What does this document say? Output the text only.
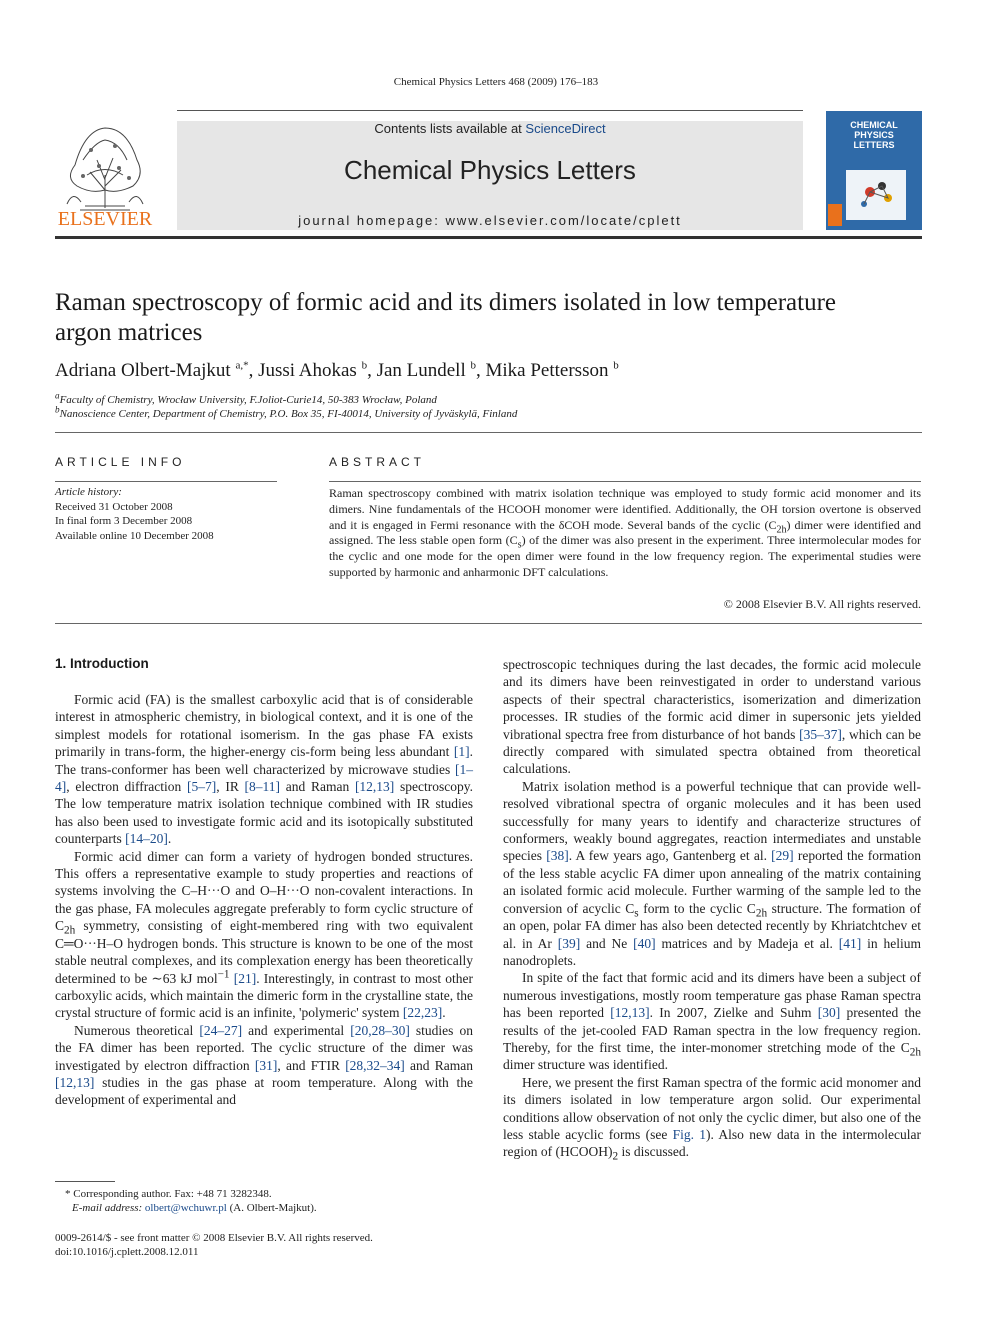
Chemical Physics Letters 468 (2009) 176–183
ELSEVIER
Contents lists available at ScienceDirect
Chemical Physics Letters
journal homepage: www.elsevier.com/locate/cplett
CHEMICAL
PHYSICS
LETTERS
Raman spectroscopy of formic acid and its dimers isolated in low temperature
argon matrices
Adriana Olbert-Majkut $^{a,*}$, Jussi Ahokas $^b$, Jan Lundell $^b$, Mika Pettersson $^b$
$^a$Faculty of Chemistry, Wrocław University, F.Joliot-Curie14, 50-383 Wrocław, Poland
$^b$Nanoscience Center, Department of Chemistry, P.O. Box 35, FI-40014, University of Jyväskylä, Finland
ARTICLE INFO
Article history:
Received 31 October 2008
In final form 3 December 2008
Available online 10 December 2008
ABSTRACT
Raman spectroscopy combined with matrix isolation technique was employed to study formic acid monomer and its dimers. Nine fundamentals of the HCOOH monomer were identified. Additionally, the OH torsion overtone is observed and it is engaged in Fermi resonance with the δCOH mode. Several bands of the cyclic $(C_{2h})$ dimer were identified and assigned. The less stable open form $(C_s)$ of the dimer was also present in the experiment. Three intermolecular modes for the cyclic and one mode for the open dimer were found in the low frequency region. The experimental studies were supported by harmonic and anharmonic DFT calculations.
© 2008 Elsevier B.V. All rights reserved.
1. Introduction

Formic acid (FA) is the smallest carboxylic acid that is of considerable interest in atmospheric chemistry, in biological context, and it is one of the simplest models for rotational isomerism. In the gas phase FA exists primarily in trans-form, the higher-energy cis-form being less abundant [1]. The trans-conformer has been well characterized by microwave studies [1–4], electron diffraction [5–7], IR [8–11] and Raman [12,13] spectroscopy. The low temperature matrix isolation technique combined with IR studies has also been used to investigate formic acid and its isotopically substituted counterparts [14–20].

Formic acid dimer can form a variety of hydrogen bonded structures. This offers a representative example to study properties and reactions of systems involving the C–H···O and O–H···O non-covalent interactions. In the gas phase, FA molecules aggregate preferably to form cyclic structure of $C_{2h}$ symmetry, consisting of eight-membered ring with two equivalent C═O···H–O hydrogen bonds. This structure is known to be one of the most stable neutral complexes, and its complexation energy has been theoretically determined to be ∼63 kJ mol$^{-1}$ [21]. Interestingly, in contrast to most other carboxylic acids, which maintain the dimeric form in the crystalline state, the crystal structure of formic acid is an infinite, 'polymeric' system [22,23].

Numerous theoretical [24–27] and experimental [20,28–30] studies on the FA dimer has been reported. The cyclic structure of the dimer was investigated by electron diffraction [31], and FTIR [28,32–34] and Raman [12,13] studies in the gas phase at room temperature. Along with the development of experimental and

spectroscopic techniques during the last decades, the formic acid molecule and its dimers have been reinvestigated in order to understand various aspects of their spectral characteristics, isomerization and dimerization processes. IR studies of the formic acid dimer in supersonic jets yielded vibrational spectra free from disturbance of hot bands [35–37], which can be directly compared with simulated spectra obtained from theoretical calculations.

Matrix isolation method is a powerful technique that can provide well-resolved vibrational spectra of organic molecules and it has been used successfully for many years to identify and characterize structures of conformers, weakly bound aggregates, reaction intermediates and unstable species [38]. A few years ago, Gantenberg et al. [29] reported the formation of the less stable acyclic FA dimer upon annealing of the matrix containing an isolated formic acid molecule. Further warming of the sample led to the conversion of acyclic $C_s$ form to the cyclic $C_{2h}$ structure. The formation of an open, polar FA dimer has also been detected recently by Khriatchtchev et al. in Ar [39] and Ne [40] matrices and by Madeja et al. [41] in helium nanodroplets.

In spite of the fact that formic acid and its dimers have been a subject of numerous investigations, mostly room temperature gas phase Raman spectra has been reported [12,13]. In 2007, Zielke and Suhm [30] presented the results of the jet-cooled FAD Raman spectra in the low frequency region. Thereby, for the first time, the inter-monomer stretching mode of the $C_{2h}$ dimer structure was identified.

Here, we present the first Raman spectra of the formic acid monomer and its dimers isolated in low temperature argon solid. Our experimental conditions allow observation of not only the cyclic dimer, but also one of the less stable acyclic forms (see Fig. 1). Also new data in the intermolecular region of $(HCOOH)_2$ is discussed.

* Corresponding author. Fax: +48 71 3282348.
E-mail address: olbert@wchuwr.pl (A. Olbert-Majkut).
0009-2614/$ - see front matter © 2008 Elsevier B.V. All rights reserved.
doi:10.1016/j.cplett.2008.12.011
